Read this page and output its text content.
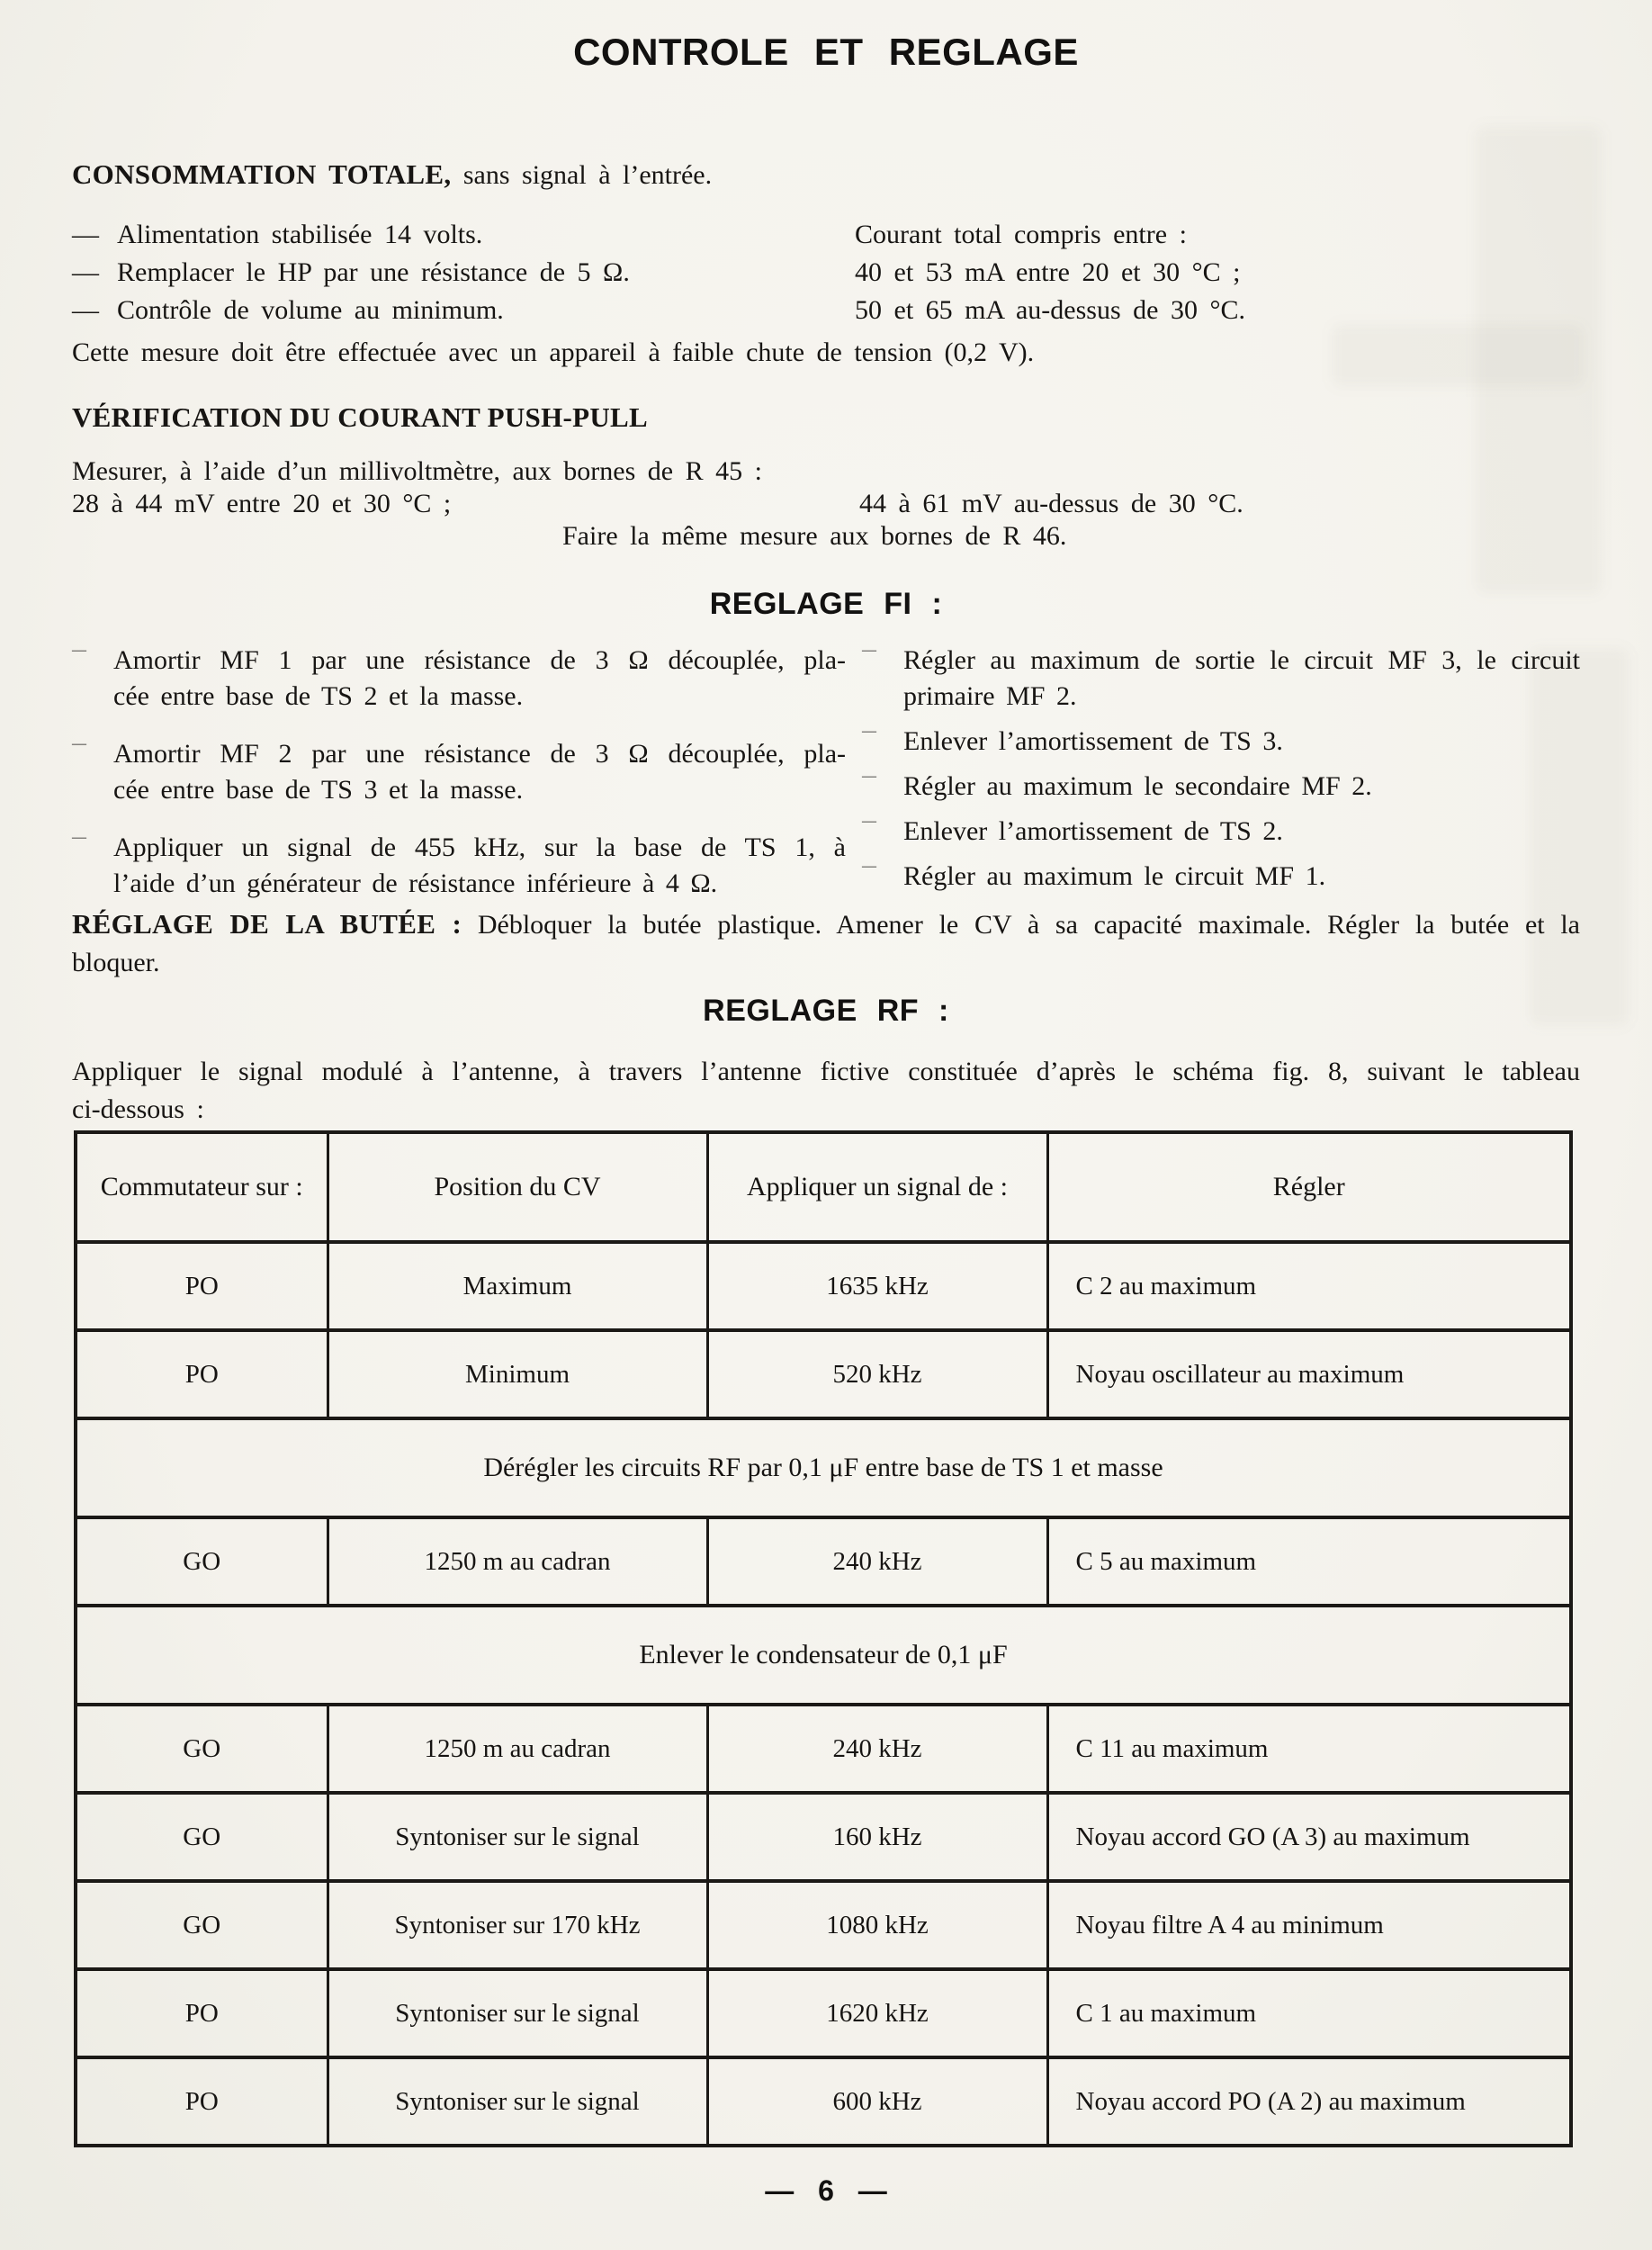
CONTROLE ET REGLAGE
CONSOMMATION TOTALE, sans signal à l’entrée.
— Alimentation stabilisée 14 volts.
— Remplacer le HP par une résistance de 5 Ω.
— Contrôle de volume au minimum.
Courant total compris entre :
40 et 53 mA entre 20 et 30 °C ;
50 et 65 mA au-dessus de 30 °C.
Cette mesure doit être effectuée avec un appareil à faible chute de tension (0,2 V).
VÉRIFICATION DU COURANT PUSH-PULL
Mesurer, à l’aide d’un millivoltmètre, aux bornes de R 45 :
28 à 44 mV entre 20 et 30 °C ;	44 à 61 mV au-dessus de 30 °C.
Faire la même mesure aux bornes de R 46.
REGLAGE FI :
—	Amortir MF 1 par une résistance de 3 Ω découplée, pla-
cée entre base de TS 2 et la masse.
—	Amortir MF 2 par une résistance de 3 Ω découplée, pla-
cée entre base de TS 3 et la masse.
—	Appliquer un signal de 455 kHz, sur la base de TS 1, à
l’aide d’un générateur de résistance inférieure à 4 Ω.
—	Régler au maximum de sortie le circuit MF 3, le circuit
primaire MF 2.
—	Enlever l’amortissement de TS 3.
—	Régler au maximum le secondaire MF 2.
—	Enlever l’amortissement de TS 2.
—	Régler au maximum le circuit MF 1.
RÉGLAGE DE LA BUTÉE : Débloquer la butée plastique. Amener le CV à sa capacité maximale. Régler la butée et la
bloquer.
REGLAGE RF :
Appliquer le signal modulé à l’antenne, à travers l’antenne fictive constituée d’après le schéma fig. 8, suivant le tableau
ci-dessous :
Commutateur sur :	Position du CV	Appliquer un signal de :	Régler
PO	Maximum	1635 kHz	C 2 au maximum
PO	Minimum	520 kHz	Noyau oscillateur au maximum
Dérégler les circuits RF par 0,1 μF entre base de TS 1 et masse			
GO	1250 m au cadran	240 kHz	C 5 au maximum
Enlever le condensateur de 0,1 μF			
GO	1250 m au cadran	240 kHz	C 11 au maximum
GO	Syntoniser sur le signal	160 kHz	Noyau accord GO (A 3) au maximum
GO	Syntoniser sur 170 kHz	1080 kHz	Noyau filtre A 4 au minimum
PO	Syntoniser sur le signal	1620 kHz	C 1 au maximum
PO	Syntoniser sur le signal	600 kHz	Noyau accord PO (A 2) au maximum
— 6 —
